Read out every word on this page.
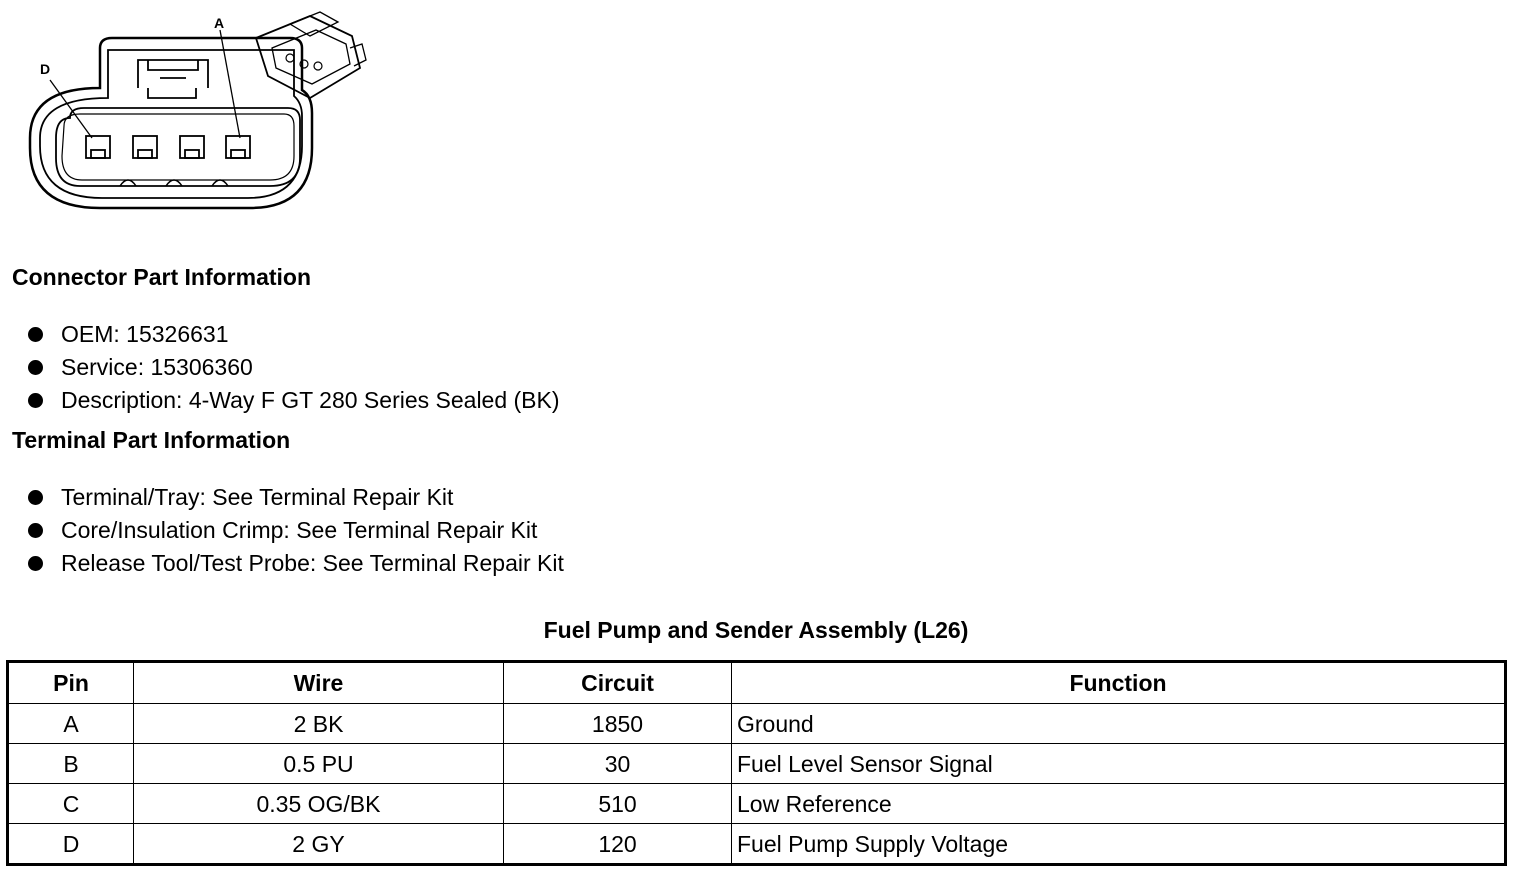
A
D
Connector Part Information
OEM: 15326631
Service: 15306360
Description: 4-Way F GT 280 Series Sealed (BK)
Terminal Part Information
Terminal/Tray: See Terminal Repair Kit
Core/Insulation Crimp: See Terminal Repair Kit
Release Tool/Test Probe: See Terminal Repair Kit
Fuel Pump and Sender Assembly (L26)
Pin	Wire	Circuit	Function
A	2 BK	1850	Ground
B	0.5 PU	30	Fuel Level Sensor Signal
C	0.35 OG/BK	510	Low Reference
D	2 GY	120	Fuel Pump Supply Voltage
